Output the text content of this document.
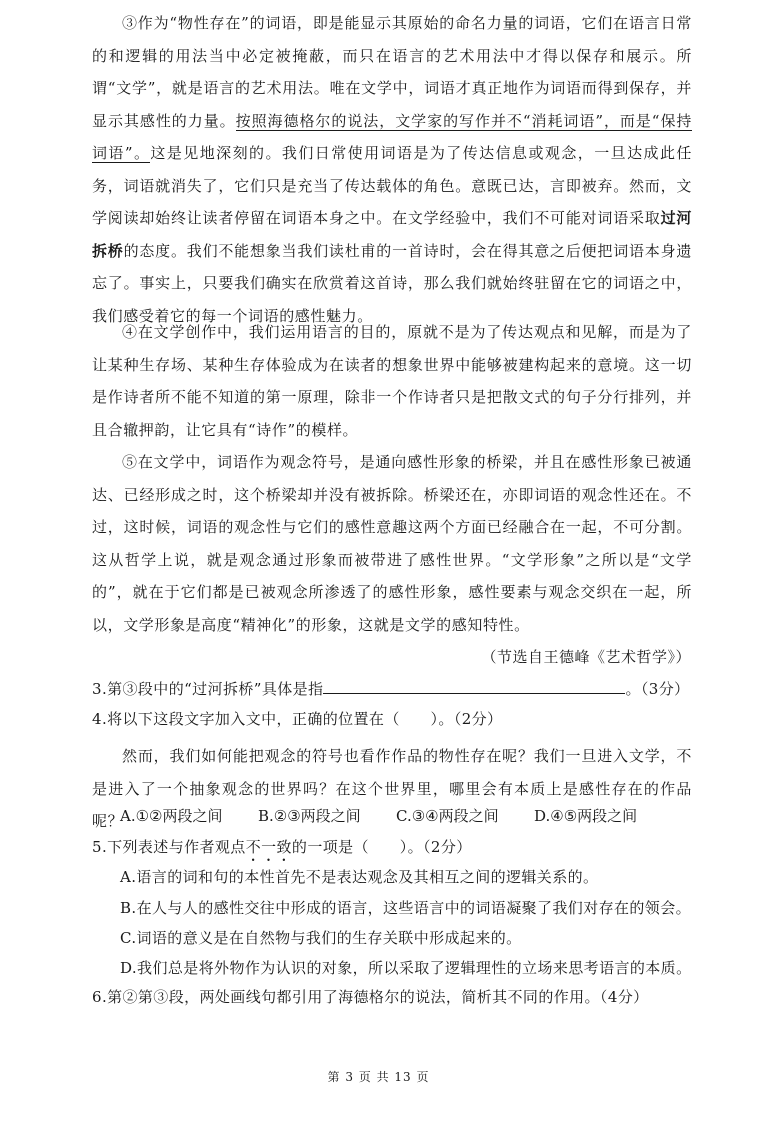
③作为“物性存在”的词语，即是能显示其原始的命名力量的词语，它们在语言日常的和逻辑的用法当中必定被掩蔽，而只在语言的艺术用法中才得以保存和展示。所谓“文学”，就是语言的艺术用法。唯在文学中，词语才真正地作为词语而得到保存，并显示其感性的力量。按照海德格尔的说法，文学家的写作并不“消耗词语”，而是“保持词语”。这是见地深刻的。我们日常使用词语是为了传达信息或观念，一旦达成此任务，词语就消失了，它们只是充当了传达载体的角色。意既已达，言即被弃。然而，文学阅读却始终让读者停留在词语本身之中。在文学经验中，我们不可能对词语采取过河拆桥的态度。我们不能想象当我们读杜甫的一首诗时，会在得其意之后便把词语本身遗忘了。事实上，只要我们确实在欣赏着这首诗，那么我们就始终驻留在它的词语之中，我们感受着它的每一个词语的感性魅力。

④在文学创作中，我们运用语言的目的，原就不是为了传达观点和见解，而是为了让某种生存场、某种生存体验成为在读者的想象世界中能够被建构起来的意境。这一切是作诗者所不能不知道的第一原理，除非一个作诗者只是把散文式的句子分行排列，并且合辙押韵，让它具有“诗作”的模样。

⑤在文学中，词语作为观念符号，是通向感性形象的桥梁，并且在感性形象已被通达、已经形成之时，这个桥梁却并没有被拆除。桥梁还在，亦即词语的观念性还在。不过，这时候，词语的观念性与它们的感性意趣这两个方面已经融合在一起，不可分割。这从哲学上说，就是观念通过形象而被带进了感性世界。“文学形象”之所以是“文学的”，就在于它们都是已被观念所渗透了的感性形象，感性要素与观念交织在一起，所以，文学形象是高度“精神化”的形象，这就是文学的感知特性。

（节选自王德峰《艺术哲学》）

3.第③段中的“过河拆桥”具体是指	。（3分）

4.将以下这段文字加入文中，正确的位置在（　　）。（2分）

然而，我们如何能把观念的符号也看作作品的物性存在呢？我们一旦进入文学，不是进入了一个抽象观念的世界吗？在这个世界里，哪里会有本质上是感性存在的作品呢？

A.①②两段之间	B.②③两段之间	C.③④两段之间	D.④⑤两段之间

5.下列表述与作者观点不一致的一项是（　　）。（2分）

A.语言的词和句的本性首先不是表达观念及其相互之间的逻辑关系的。

B.在人与人的感性交往中形成的语言，这些语言中的词语凝聚了我们对存在的领会。

C.词语的意义是在自然物与我们的生存关联中形成起来的。

D.我们总是将外物作为认识的对象，所以采取了逻辑理性的立场来思考语言的本质。

6.第②第③段，两处画线句都引用了海德格尔的说法，简析其不同的作用。（4分）

第 3 页 共 13 页
